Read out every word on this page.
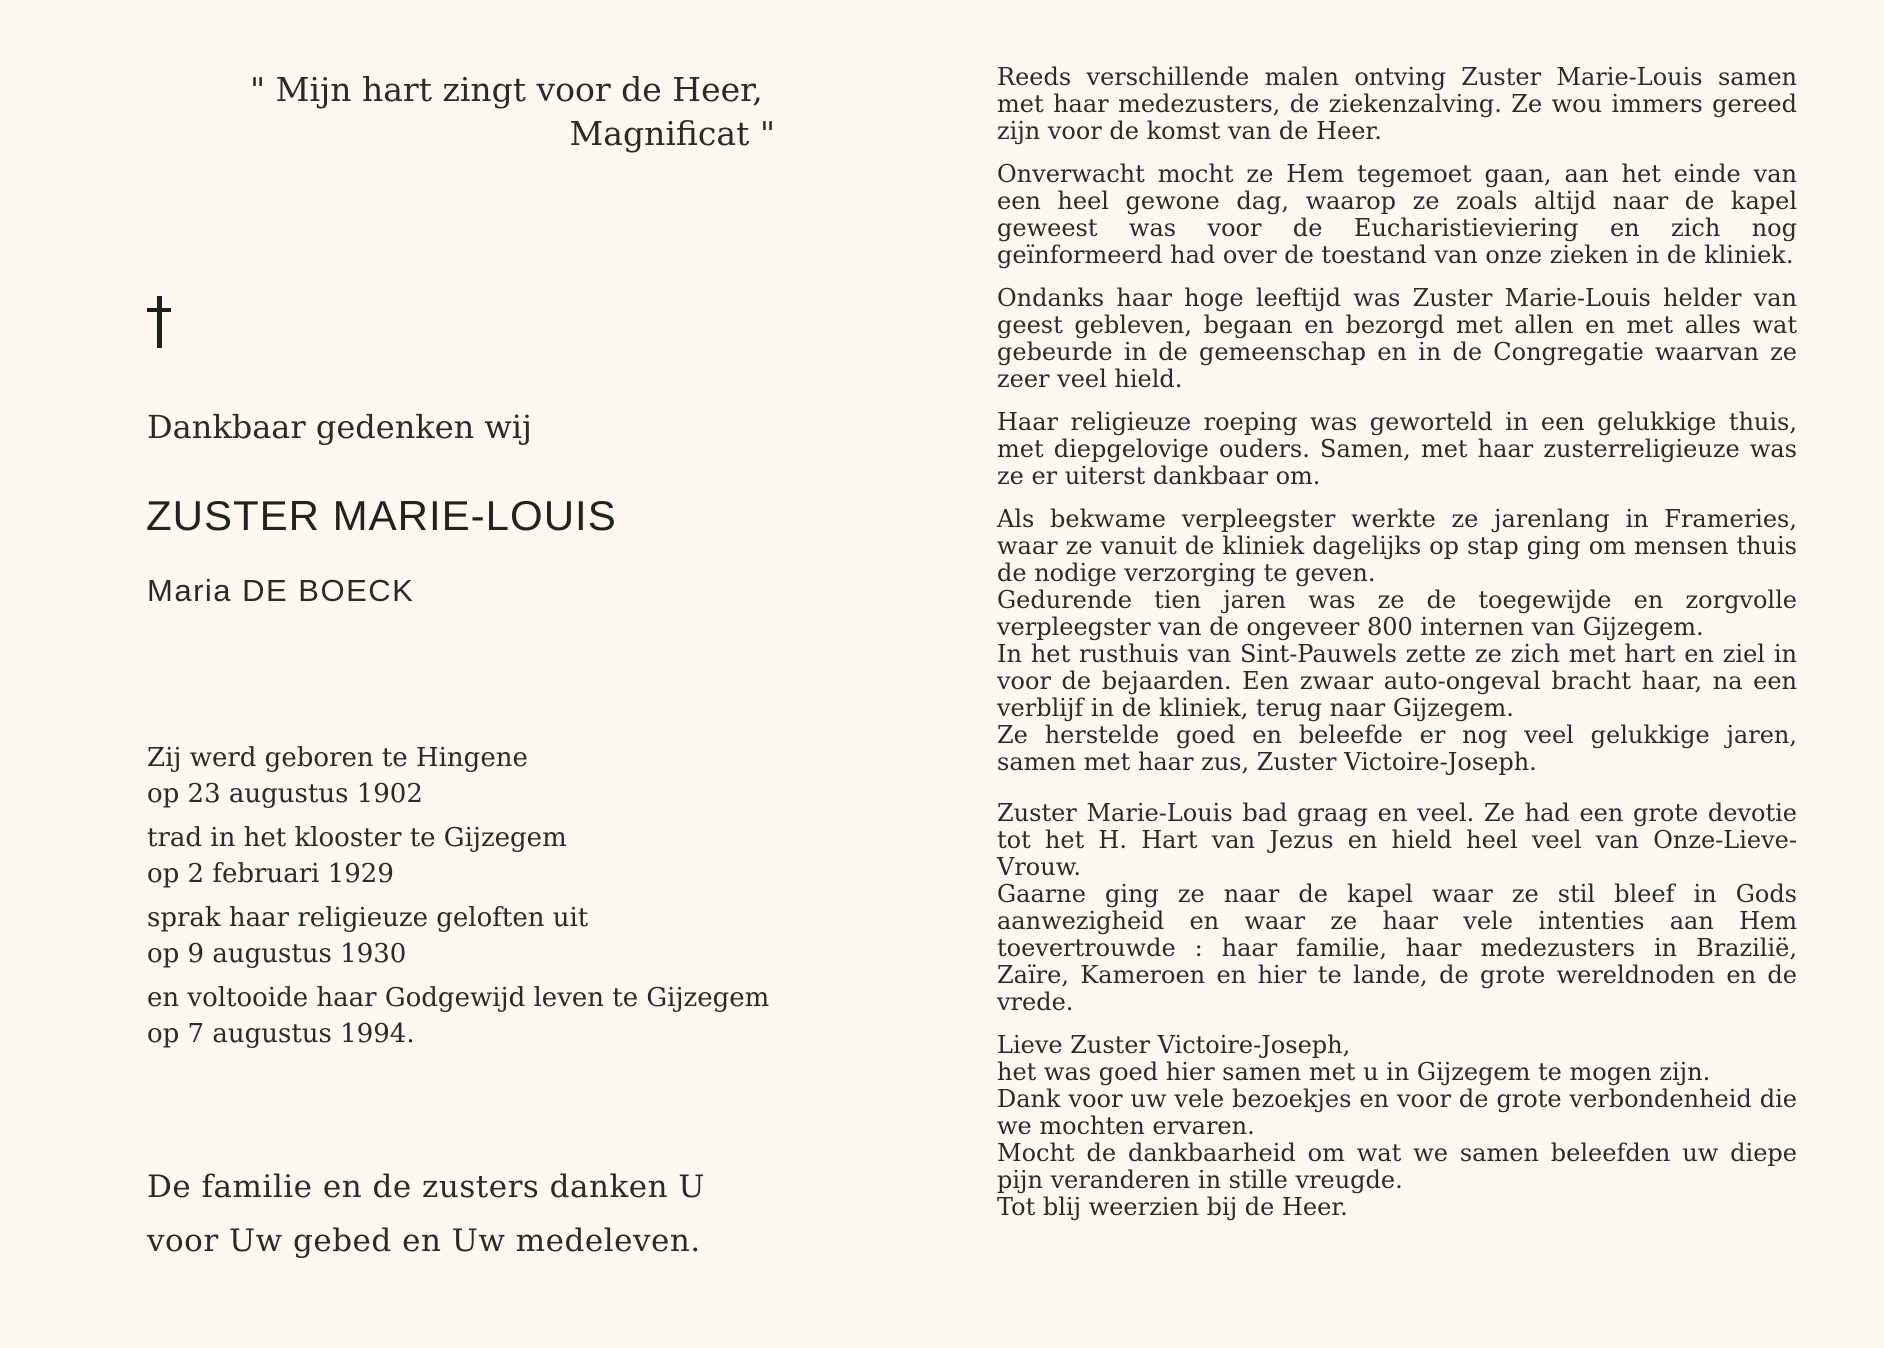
" Mijn hart zingt voor de Heer,
Magnificat "
Dankbaar gedenken wij
ZUSTER MARIE-LOUIS
Maria DE BOECK
Zij werd geboren te Hingene
op 23 augustus 1902
trad in het klooster te Gijzegem
op 2 februari 1929
sprak haar religieuze geloften uit
op 9 augustus 1930
en voltooide haar Godgewijd leven te Gijzegem
op 7 augustus 1994.
De familie en de zusters danken U
voor Uw gebed en Uw medeleven.

Reeds verschillende malen ontving Zuster Marie-Louis samen met haar medezusters, de ziekenzalving. Ze wou immers gereed zijn voor de komst van de Heer.

Onverwacht mocht ze Hem tegemoet gaan, aan het einde van een heel gewone dag, waarop ze zoals altijd naar de kapel geweest was voor de Eucharistieviering en zich nog geïnformeerd had over de toestand van onze zieken in de kliniek.

Ondanks haar hoge leeftijd was Zuster Marie-Louis helder van geest gebleven, begaan en bezorgd met allen en met alles wat gebeurde in de gemeenschap en in de Congregatie waarvan ze zeer veel hield.

Haar religieuze roeping was geworteld in een gelukkige thuis, met diepgelovige ouders. Samen, met haar zusterreligieuze was ze er uiterst dankbaar om.

Als bekwame verpleegster werkte ze jarenlang in Frameries, waar ze vanuit de kliniek dagelijks op stap ging om mensen thuis de nodige verzorging te geven.

Gedurende tien jaren was ze de toegewijde en zorgvolle verpleegster van de ongeveer 800 internen van Gijzegem.

In het rusthuis van Sint-Pauwels zette ze zich met hart en ziel in voor de bejaarden. Een zwaar auto-ongeval bracht haar, na een verblijf in de kliniek, terug naar Gijzegem.

Ze herstelde goed en beleefde er nog veel gelukkige jaren, samen met haar zus, Zuster Victoire-Joseph.

Zuster Marie-Louis bad graag en veel. Ze had een grote devotie tot het H. Hart van Jezus en hield heel veel van Onze-Lieve-Vrouw.

Gaarne ging ze naar de kapel waar ze stil bleef in Gods aanwezigheid en waar ze haar vele intenties aan Hem toevertrouwde : haar familie, haar medezusters in Brazilië, Zaïre, Kameroen en hier te lande, de grote wereldnoden en de vrede.

Lieve Zuster Victoire-Joseph,

het was goed hier samen met u in Gijzegem te mogen zijn.

Dank voor uw vele bezoekjes en voor de grote verbondenheid die we mochten ervaren.

Mocht de dankbaarheid om wat we samen beleefden uw diepe pijn veranderen in stille vreugde.

Tot blij weerzien bij de Heer.
